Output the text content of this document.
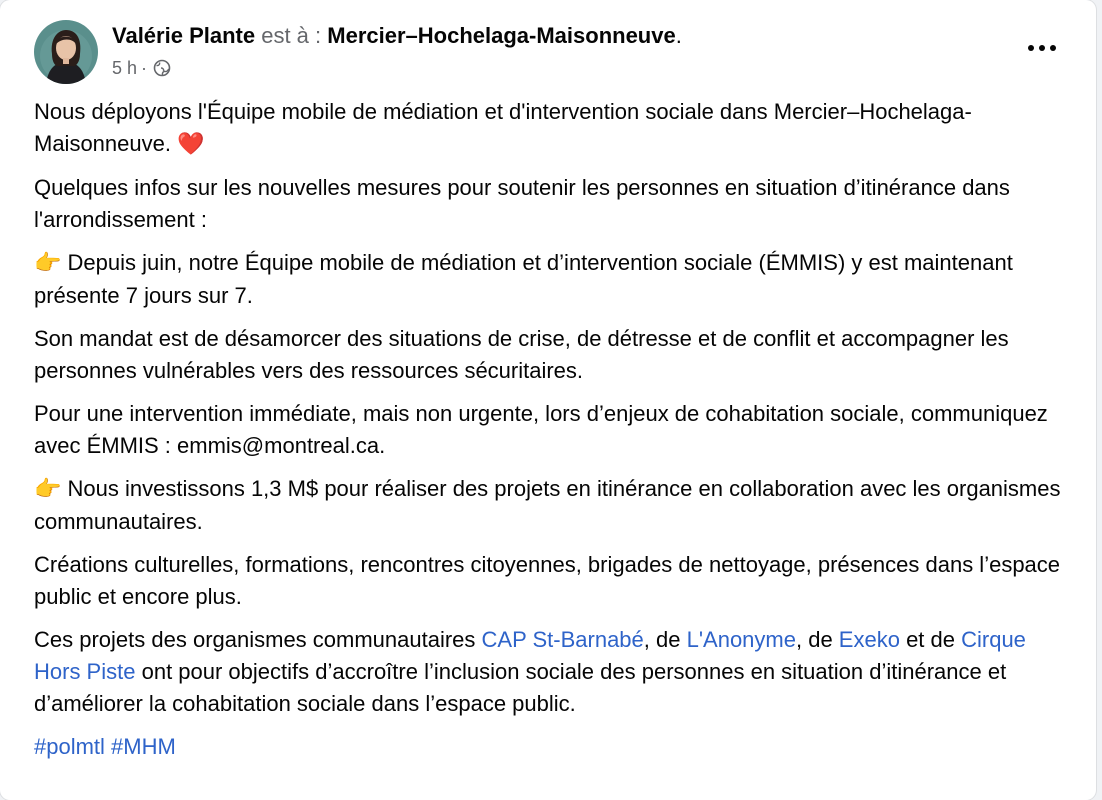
Valérie Plante est à : Mercier–Hochelaga-Maisonneuve.
5 h ·

Nous déployons l'Équipe mobile de médiation et d'intervention sociale dans Mercier–Hochelaga-Maisonneuve. ❤️

Quelques infos sur les nouvelles mesures pour soutenir les personnes en situation d’itinérance dans l'arrondissement :

👉 Depuis juin, notre Équipe mobile de médiation et d’intervention sociale (ÉMMIS) y est maintenant présente 7 jours sur 7.

Son mandat est de désamorcer des situations de crise, de détresse et de conflit et accompagner les personnes vulnérables vers des ressources sécuritaires.

Pour une intervention immédiate, mais non urgente, lors d’enjeux de cohabitation sociale, communiquez avec ÉMMIS : emmis@montreal.ca.

👉 Nous investissons 1,3 M$ pour réaliser des projets en itinérance en collaboration avec les organismes communautaires.

Créations culturelles, formations, rencontres citoyennes, brigades de nettoyage, présences dans l’espace public et encore plus.

Ces projets des organismes communautaires CAP St-Barnabé, de L'Anonyme, de Exeko et de Cirque Hors Piste ont pour objectifs d’accroître l’inclusion sociale des personnes en situation d’itinérance et d’améliorer la cohabitation sociale dans l’espace public.

#polmtl #MHM
